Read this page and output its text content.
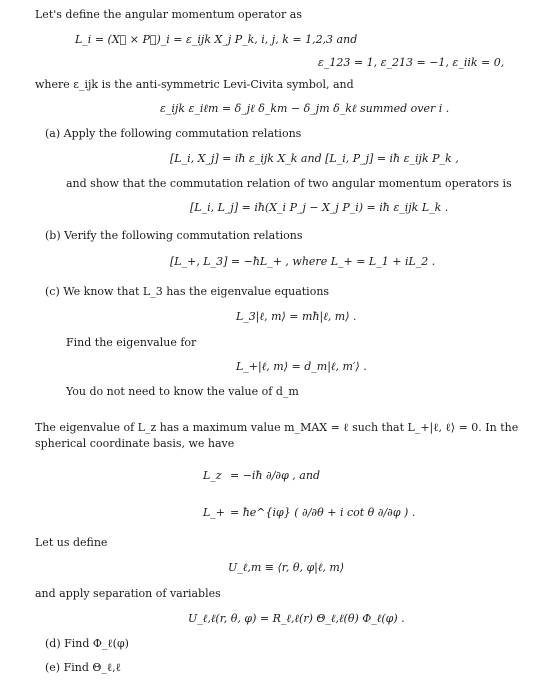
Let's define the angular momentum operator as
L_i = (X⃗ × P⃗)_i = ε_ijk X_j P_k, i, j, k = 1,2,3 and
ε_123 = 1, ε_213 = −1, ε_iik = 0,
where ε_ijk is the anti-symmetric Levi-Civita symbol, and
ε_ijk ε_iℓm = δ_jℓ δ_km − δ_jm δ_kℓ summed over i .
(a) Apply the following commutation relations
[L_i, X_j] = iħ ε_ijk X_k and [L_i, P_j] = iħ ε_ijk P_k ,
and show that the commutation relation of two angular momentum operators is
[L_i, L_j] = iħ(X_i P_j − X_j P_i) = iħ ε_ijk L_k .
(b) Verify the following commutation relations
[L_+, L_3] = −ħL_+ , where L_+ = L_1 + iL_2 .
(c) We know that L_3 has the eigenvalue equations
L_3|ℓ, m⟩ = mħ|ℓ, m⟩ .
Find the eigenvalue for
L_+|ℓ, m⟩ = d_m|ℓ, m′⟩ .
You do not need to know the value of d_m
The eigenvalue of L_z has a maximum value m_MAX = ℓ such that L_+|ℓ, ℓ⟩ = 0. In the
spherical coordinate basis, we have
L_z = −iħ ∂/∂φ , and
L_+ = ħe^{iφ} ( ∂/∂θ + i cot θ ∂/∂φ ) .
Let us define
U_ℓ,m ≡ ⟨r, θ, φ|ℓ, m⟩
and apply separation of variables
U_ℓ,ℓ(r, θ, φ) = R_ℓ,ℓ(r) Θ_ℓ,ℓ(θ) Φ_ℓ(φ) .
(d) Find Φ_ℓ(φ)
(e) Find Θ_ℓ,ℓ
